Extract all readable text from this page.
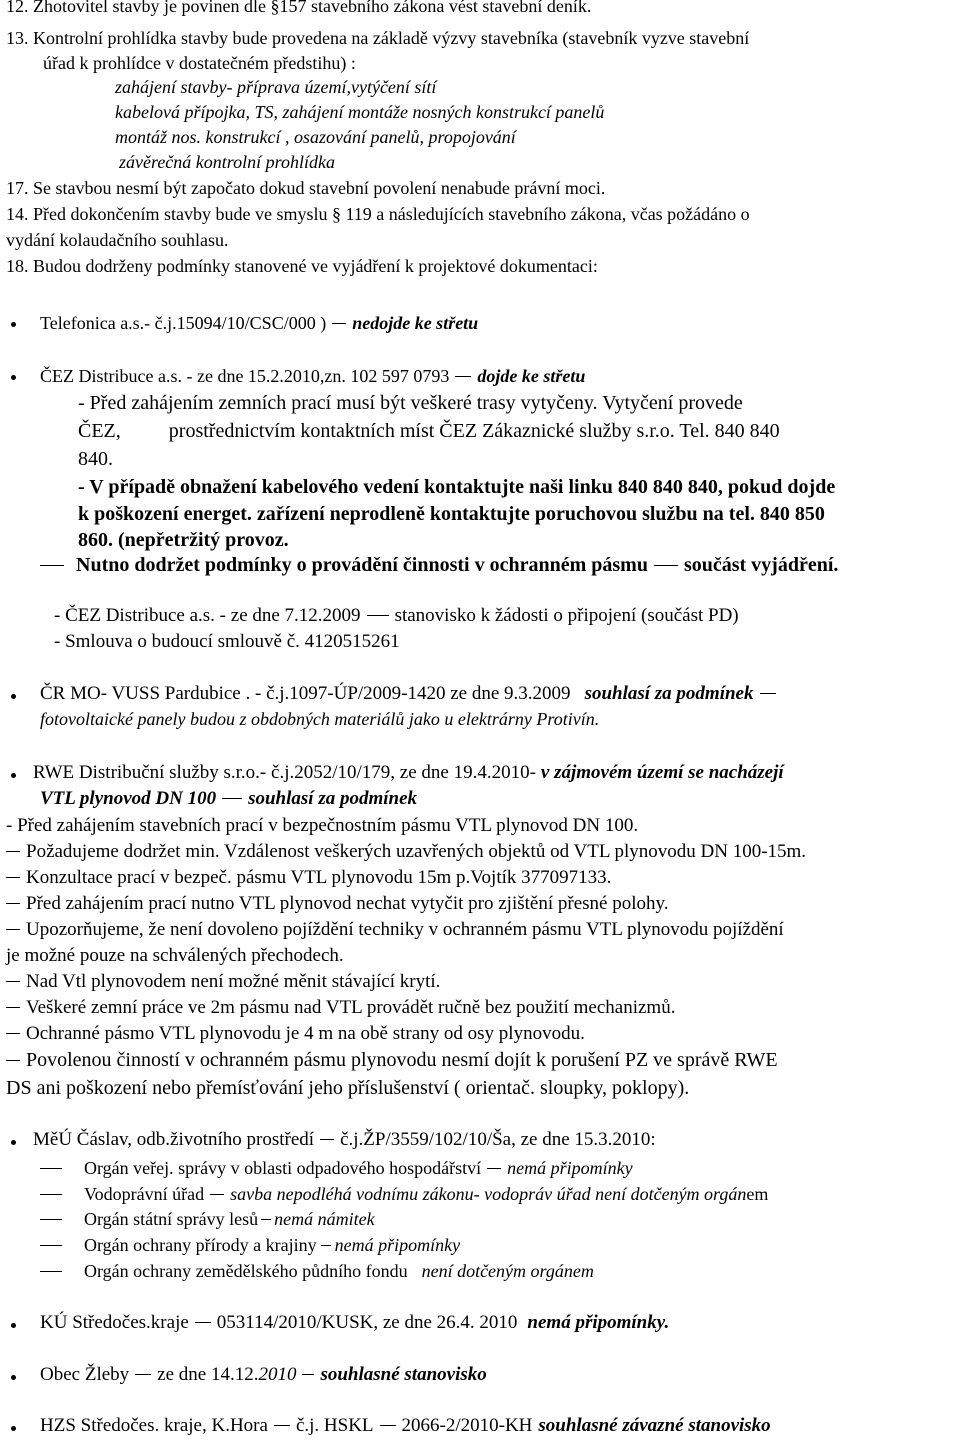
12. Zhotovitel stavby je povinen dle §157 stavebního zákona vést stavební deník.
13. Kontrolní prohlídka stavby bude provedena na základě výzvy stavebníka (stavebník vyzve stavební
úřad k prohlídce v dostatečném předstihu) :
zahájení stavby- příprava území,vytýčení sítí
kabelová přípojka, TS, zahájení montáže nosných konstrukcí panelů
montáž nos. konstrukcí , osazování panelů, propojování
závěrečná kontrolní prohlídka
17. Se stavbou nesmí být započato dokud stavební povolení nenabude právní moci.
14. Před dokončením stavby bude ve smyslu § 119 a následujících stavebního zákona, včas požádáno o
vydání kolaudačního souhlasu.
18. Budou dodrženy podmínky stanovené ve vyjádření k projektové dokumentaci:
Telefonica a.s.- č.j.15094/10/CSC/000 ) nedojde ke střetu
ČEZ Distribuce a.s. - ze dne 15.2.2010,zn. 102 597 0793 dojde ke střetu
- Před zahájením zemních prací musí být veškeré trasy vytyčeny. Vytyčení provede
ČEZ, prostřednictvím kontaktních míst ČEZ Zákaznické služby s.r.o. Tel. 840 840
840.
- V případě obnažení kabelového vedení kontaktujte naši linku 840 840 840, pokud dojde
k poškození energet. zařízení neprodleně kontaktujte poruchovou službu na tel. 840 850
860. (nepřetržitý provoz.
Nutno dodržet podmínky o provádění činnosti v ochranném pásmu součást vyjádření.
- ČEZ Distribuce a.s. - ze dne 7.12.2009 stanovisko k žádosti o připojení (součást PD)
- Smlouva o budoucí smlouvě č. 4120515261
ČR MO- VUSS Pardubice . - č.j.1097-ÚP/2009-1420 ze dne 9.3.2009 souhlasí za podmínek
fotovoltaické panely budou z obdobných materiálů jako u elektrárny Protivín.
RWE Distribuční služby s.r.o.- č.j.2052/10/179, ze dne 19.4.2010- v zájmovém území se nacházejí
VTL plynovod DN 100 souhlasí za podmínek
- Před zahájením stavebních prací v bezpečnostním pásmu VTL plynovod DN 100.
Požadujeme dodržet min. Vzdálenost veškerých uzavřených objektů od VTL plynovodu DN 100-15m.
Konzultace prací v bezpeč. pásmu VTL plynovodu 15m p.Vojtík 377097133.
Před zahájením prací nutno VTL plynovod nechat vytyčit pro zjištění přesné polohy.
Upozorňujeme, že není dovoleno pojíždění techniky v ochranném pásmu VTL plynovodu pojíždění
je možné pouze na schválených přechodech.
Nad Vtl plynovodem není možné měnit stávající krytí.
Veškeré zemní práce ve 2m pásmu nad VTL provádět ručně bez použití mechanizmů.
Ochranné pásmo VTL plynovodu je 4 m na obě strany od osy plynovodu.
Povolenou činností v ochranném pásmu plynovodu nesmí dojít k porušení PZ ve správě RWE
DS ani poškození nebo přemísťování jeho příslušenství ( orientač. sloupky, poklopy).
MěÚ Čáslav, odb.životního prostředí č.j.ŽP/3559/102/10/Ša, ze dne 15.3.2010:
Orgán veřej. správy v oblasti odpadového hospodářství nemá připomínky
Vodoprávní úřad savba nepodléhá vodnímu zákonu- vodopráv úřad není dotčeným orgánem
Orgán státní správy lesů nemá námitek
Orgán ochrany přírody a krajiny nemá připomínky
Orgán ochrany zemědělského půdního fondu není dotčeným orgánem
KÚ Středočes.kraje 053114/2010/KUSK, ze dne 26.4. 2010 nemá připomínky.
Obec Žleby ze dne 14.12.2010 souhlasné stanovisko
HZS Středočes. kraje, K.Hora č.j. HSKL 2066-2/2010-KH souhlasné závazné stanovisko
